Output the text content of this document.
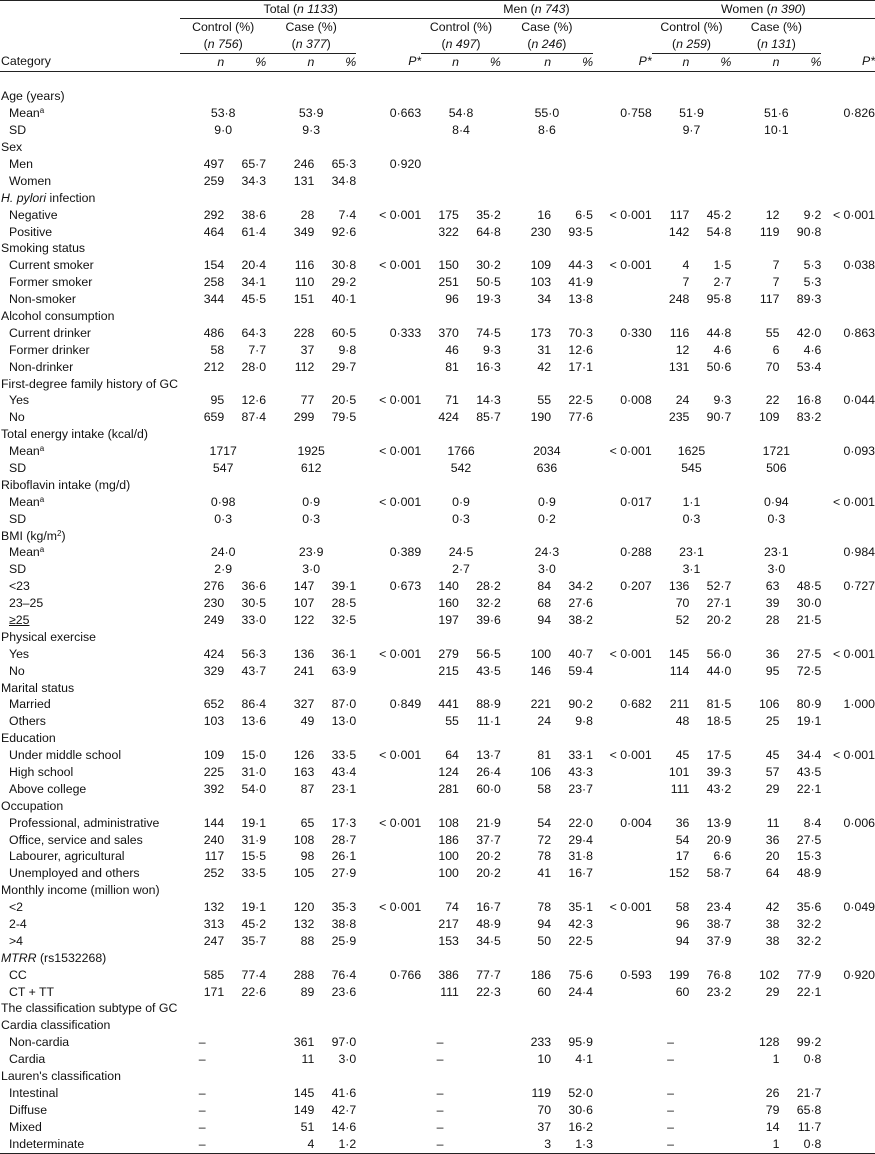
	Total (n 1133)					Men (n 743)					Women (n 390)				
	Control (%)		Case (%)			Control (%)		Case (%)			Control (%)		Case (%)		
	(n 756)		(n 377)			(n 497)		(n 246)			(n 259)		(n 131)		
Category	n	%	n	%	P*	n	%	n	%	P*	n	%	n	%	P*

Age (years)															
Mean$^a$	53·8		53·9		0·663	54·8		55·0		0·758	51·9		51·6		0·826
SD	9·0		9·3			8·4		8·6			9·7		10·1		
Sex															
Men	497	65·7	246	65·3	0·920										
Women	259	34·3	131	34·8											
H. pylori infection															
Negative	292	38·6	28	7·4	< 0·001	175	35·2	16	6·5	< 0·001	117	45·2	12	9·2	< 0·001
Positive	464	61·4	349	92·6		322	64·8	230	93·5		142	54·8	119	90·8	
Smoking status															
Current smoker	154	20·4	116	30·8	< 0·001	150	30·2	109	44·3	< 0·001	4	1·5	7	5·3	0·038
Former smoker	258	34·1	110	29·2		251	50·5	103	41·9		7	2·7	7	5·3	
Non-smoker	344	45·5	151	40·1		96	19·3	34	13·8		248	95·8	117	89·3	
Alcohol consumption															
Current drinker	486	64·3	228	60·5	0·333	370	74·5	173	70·3	0·330	116	44·8	55	42·0	0·863
Former drinker	58	7·7	37	9·8		46	9·3	31	12·6		12	4·6	6	4·6	
Non-drinker	212	28·0	112	29·7		81	16·3	42	17·1		131	50·6	70	53·4	
First-degree family history of GC															
Yes	95	12·6	77	20·5	< 0·001	71	14·3	55	22·5	0·008	24	9·3	22	16·8	0·044
No	659	87·4	299	79·5		424	85·7	190	77·6		235	90·7	109	83·2	
Total energy intake (kcal/d)															
Mean$^a$	1717		1925		< 0·001	1766		2034		< 0·001	1625		1721		0·093
SD	547		612			542		636			545		506		
Riboflavin intake (mg/d)															
Mean$^a$	0·98		0·9		< 0·001	0·9		0·9		0·017	1·1		0·94		< 0·001
SD	0·3		0·3			0·3		0·2			0·3		0·3		
BMI $(kg/m^2)$															
Mean$^a$	24·0		23·9		0·389	24·5		24·3		0·288	23·1		23·1		0·984
SD	2·9		3·0			2·7		3·0			3·1		3·0		
<23	276	36·6	147	39·1	0·673	140	28·2	84	34·2	0·207	136	52·7	63	48·5	0·727
23–25	230	30·5	107	28·5		160	32·2	68	27·6		70	27·1	39	30·0	
≥25	249	33·0	122	32·5		197	39·6	94	38·2		52	20·2	28	21·5	
Physical exercise															
Yes	424	56·3	136	36·1	< 0·001	279	56·5	100	40·7	< 0·001	145	56·0	36	27·5	< 0·001
No	329	43·7	241	63·9		215	43·5	146	59·4		114	44·0	95	72·5	
Marital status															
Married	652	86·4	327	87·0	0·849	441	88·9	221	90·2	0·682	211	81·5	106	80·9	1·000
Others	103	13·6	49	13·0		55	11·1	24	9·8		48	18·5	25	19·1	
Education															
Under middle school	109	15·0	126	33·5	< 0·001	64	13·7	81	33·1	< 0·001	45	17·5	45	34·4	< 0·001
High school	225	31·0	163	43·4		124	26·4	106	43·3		101	39·3	57	43·5	
Above college	392	54·0	87	23·1		281	60·0	58	23·7		111	43·2	29	22·1	
Occupation															
Professional, administrative	144	19·1	65	17·3	< 0·001	108	21·9	54	22·0	0·004	36	13·9	11	8·4	0·006
Office, service and sales	240	31·9	108	28·7		186	37·7	72	29·4		54	20·9	36	27·5	
Labourer, agricultural	117	15·5	98	26·1		100	20·2	78	31·8		17	6·6	20	15·3	
Unemployed and others	252	33·5	105	27·9		100	20·2	41	16·7		152	58·7	64	48·9	
Monthly income (million won)															
<2	132	19·1	120	35·3	< 0·001	74	16·7	78	35·1	< 0·001	58	23·4	42	35·6	0·049
2-4	313	45·2	132	38·8		217	48·9	94	42·3		96	38·7	38	32·2	
>4	247	35·7	88	25·9		153	34·5	50	22·5		94	37·9	38	32·2	
MTRR (rs1532268)															
CC	585	77·4	288	76·4	0·766	386	77·7	186	75·6	0·593	199	76·8	102	77·9	0·920
CT + TT	171	22·6	89	23·6		111	22·3	60	24·4		60	23·2	29	22·1	
The classification subtype of GC															
Cardia classification															
Non-cardia	–		361	97·0		–		233	95·9		–		128	99·2	
Cardia	–		11	3·0		–		10	4·1		–		1	0·8	
Lauren's classification															
Intestinal	–		145	41·6		–		119	52·0		–		26	21·7	
Diffuse	–		149	42·7		–		70	30·6		–		79	65·8	
Mixed	–		51	14·6		–		37	16·2		–		14	11·7	
Indeterminate	–		4	1·2		–		3	1·3		–		1	0·8	
